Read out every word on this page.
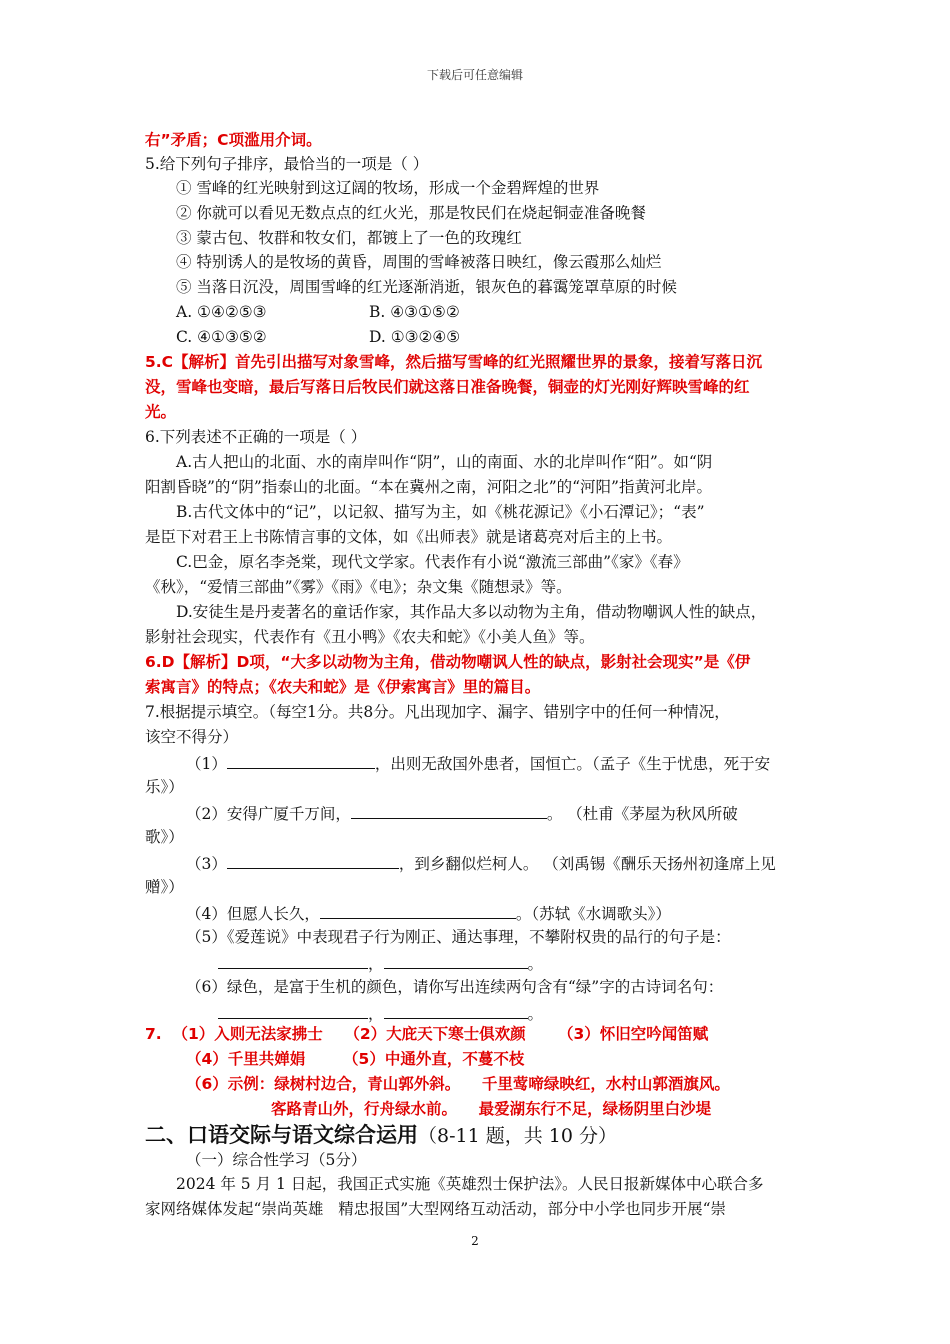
下载后可任意编辑
右”矛盾；C项滥用介词。
5.给下列句子排序，最恰当的一项是（ ）
① 雪峰的红光映射到这辽阔的牧场，形成一个金碧辉煌的世界
② 你就可以看见无数点点的红火光，那是牧民们在烧起铜壶准备晚餐
③ 蒙古包、牧群和牧女们，都镀上了一色的玫瑰红
④ 特别诱人的是牧场的黄昏，周围的雪峰被落日映红，像云霞那么灿烂
⑤ 当落日沉没，周围雪峰的红光逐渐消逝，银灰色的暮霭笼罩草原的时候
A. ①④②⑤③	B. ④③①⑤②
C. ④①③⑤②	D. ①③②④⑤
5.C【解析】首先引出描写对象雪峰，然后描写雪峰的红光照耀世界的景象，接着写落日沉
没，雪峰也变暗，最后写落日后牧民们就这落日准备晚餐，铜壶的灯光刚好辉映雪峰的红
光。
6.下列表述不正确的一项是（ ）
A.古人把山的北面、水的南岸叫作“阴”，山的南面、水的北岸叫作“阳”。如“阴
阳割昏晓”的“阴”指泰山的北面。“本在冀州之南，河阳之北”的“河阳”指黄河北岸。
B.古代文体中的“记”，以记叙、描写为主，如《桃花源记》《小石潭记》；“表”
是臣下对君王上书陈情言事的文体，如《出师表》就是诸葛亮对后主的上书。
C.巴金，原名李尧棠，现代文学家。代表作有小说“激流三部曲”《家》《春》
《秋》，“爱情三部曲”《雾》《雨》《电》；杂文集《随想录》等。
D.安徒生是丹麦著名的童话作家，其作品大多以动物为主角，借动物嘲讽人性的缺点，
影射社会现实，代表作有《丑小鸭》《农夫和蛇》《小美人鱼》等。
6.D【解析】D项，“大多以动物为主角，借动物嘲讽人性的缺点，影射社会现实”是《伊
索寓言》的特点；《农夫和蛇》是《伊索寓言》里的篇目。
7.根据提示填空。（每空1分。共8分。凡出现加字、漏字、错别字中的任何一种情况，
该空不得分）
（1）	，出则无敌国外患者，国恒亡。（孟子《生于忧患，死于安
乐》）
（2）安得广厦千万间，	。 （杜甫《茅屋为秋风所破
歌》）
（3）	，到乡翻似烂柯人。 （刘禹锡《酬乐天扬州初逢席上见
赠》）
（4）但愿人长久，	。（苏轼《水调歌头》）
（5）《爱莲说》中表现君子行为刚正、通达事理，不攀附权贵的品行的句子是：
，	。
（6）绿色，是富于生机的颜色，请你写出连续两句含有“绿”字的古诗词名句：
，	。
7.  （1）入则无法家拂士    （2）大庇天下寒士俱欢颜      （3）怀旧空吟闻笛赋
（4）千里共婵娟       （5）中通外直，不蔓不枝
（6）示例：绿树村边合，青山郭外斜。    千里莺啼绿映红，水村山郭酒旗风。
客路青山外，行舟绿水前。    最爱湖东行不足，绿杨阴里白沙堤
二、口语交际与语文综合运用（8-11 题，共 10 分）
（一）综合性学习（5分）
2024 年 5 月 1 日起，我国正式实施《英雄烈士保护法》。人民日报新媒体中心联合多
家网络媒体发起“崇尚英雄   精忠报国”大型网络互动活动，部分中小学也同步开展“崇
2
